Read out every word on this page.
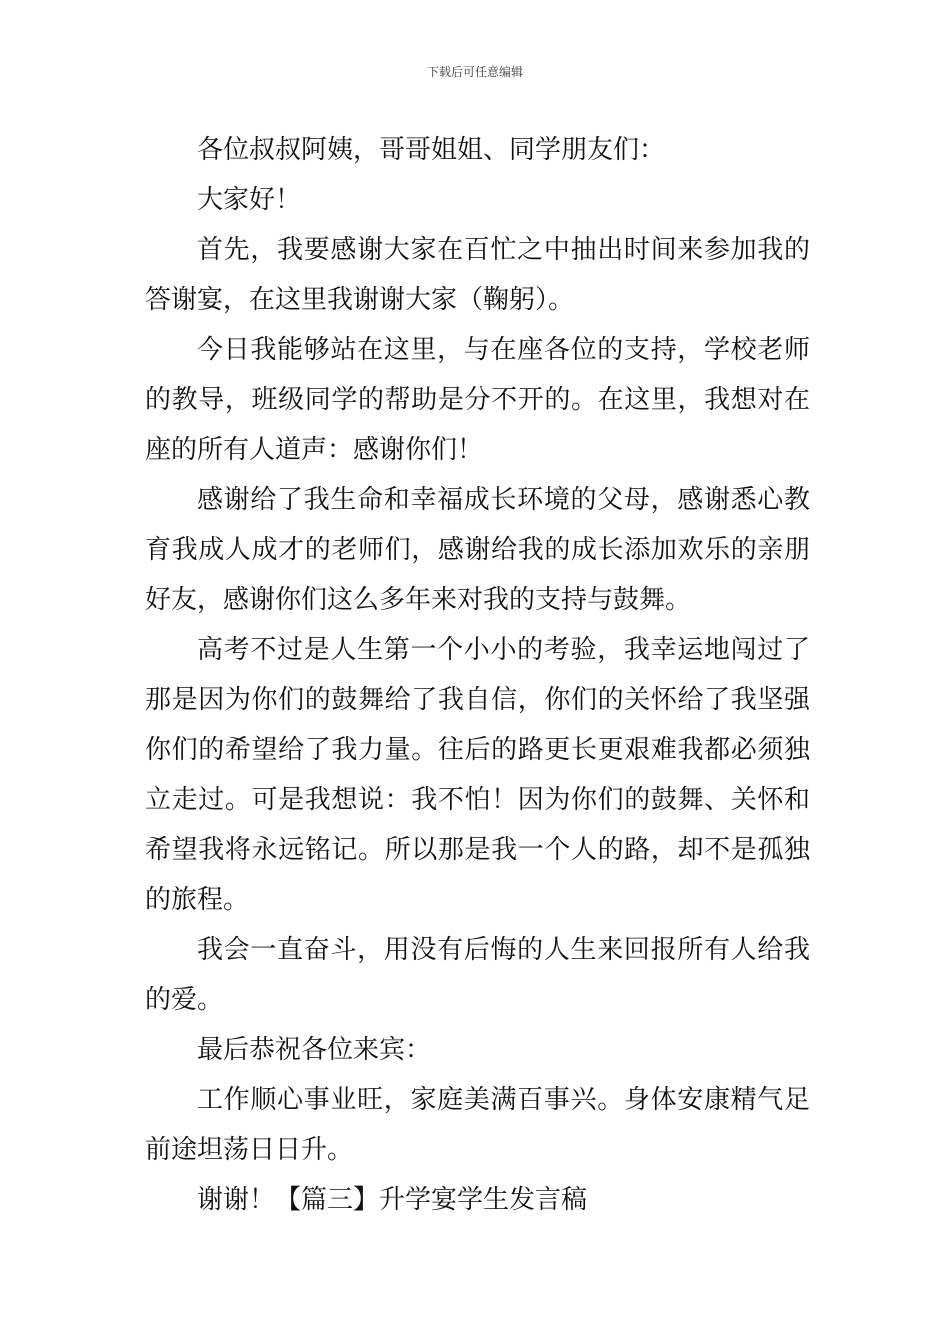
下载后可任意编辑

各位叔叔阿姨，哥哥姐姐、同学朋友们：

大家好！

首先，我要感谢大家在百忙之中抽出时间来参加我的答谢宴，在这里我谢谢大家（鞠躬）。

今日我能够站在这里，与在座各位的支持，学校老师的教导，班级同学的帮助是分不开的。在这里，我想对在座的所有人道声：感谢你们！

感谢给了我生命和幸福成长环境的父母，感谢悉心教育我成人成才的老师们，感谢给我的成长添加欢乐的亲朋好友，感谢你们这么多年来对我的支持与鼓舞。

高考不过是人生第一个小小的考验，我幸运地闯过了那是因为你们的鼓舞给了我自信，你们的关怀给了我坚强你们的希望给了我力量。往后的路更长更艰难我都必须独立走过。可是我想说：我不怕！因为你们的鼓舞、关怀和希望我将永远铭记。所以那是我一个人的路，却不是孤独的旅程。

我会一直奋斗，用没有后悔的人生来回报所有人给我的爱。

最后恭祝各位来宾：

工作顺心事业旺，家庭美满百事兴。身体安康精气足前途坦荡日日升。

谢谢！【篇三】升学宴学生发言稿
